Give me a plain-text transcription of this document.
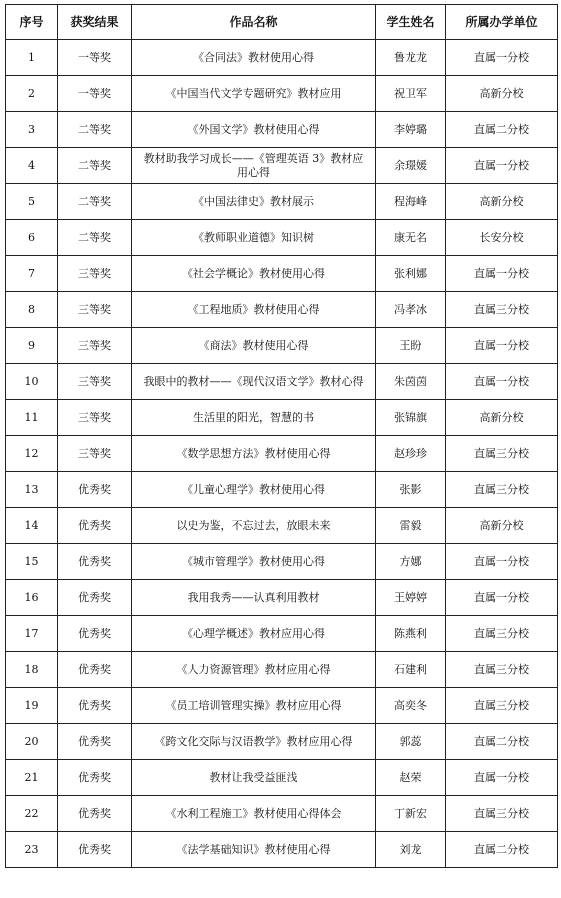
序号	获奖结果	作品名称	学生姓名	所属办学单位
1	一等奖	《合同法》教材使用心得	鲁龙龙	直属一分校
2	一等奖	《中国当代文学专题研究》教材应用	祝卫军	高新分校
3	二等奖	《外国文学》教材使用心得	李婷璐	直属二分校
4	二等奖	教材助我学习成长——《管理英语 3》教材应用心得	余璟媛	直属一分校
5	二等奖	《中国法律史》教材展示	程海峰	高新分校
6	二等奖	《教师职业道德》知识树	康无名	长安分校
7	三等奖	《社会学概论》教材使用心得	张利娜	直属一分校
8	三等奖	《工程地质》教材使用心得	冯孝冰	直属三分校
9	三等奖	《商法》教材使用心得	王盼	直属一分校
10	三等奖	我眼中的教材——《现代汉语文学》教材心得	朱茵茵	直属一分校
11	三等奖	生活里的阳光，智慧的书	张锦旗	高新分校
12	三等奖	《数学思想方法》教材使用心得	赵珍珍	直属三分校
13	优秀奖	《儿童心理学》教材使用心得	张影	直属三分校
14	优秀奖	以史为鉴，不忘过去，放眼未来	雷毅	高新分校
15	优秀奖	《城市管理学》教材使用心得	方娜	直属一分校
16	优秀奖	我用我秀——认真利用教材	王婷婷	直属一分校
17	优秀奖	《心理学概述》教材应用心得	陈燕利	直属三分校
18	优秀奖	《人力资源管理》教材应用心得	石建利	直属三分校
19	优秀奖	《员工培训管理实操》教材应用心得	高奕冬	直属三分校
20	优秀奖	《跨文化交际与汉语教学》教材应用心得	郭蕊	直属二分校
21	优秀奖	教材让我受益匪浅	赵荣	直属一分校
22	优秀奖	《水利工程施工》教材使用心得体会	丁新宏	直属三分校
23	优秀奖	《法学基础知识》教材使用心得	刘龙	直属二分校
